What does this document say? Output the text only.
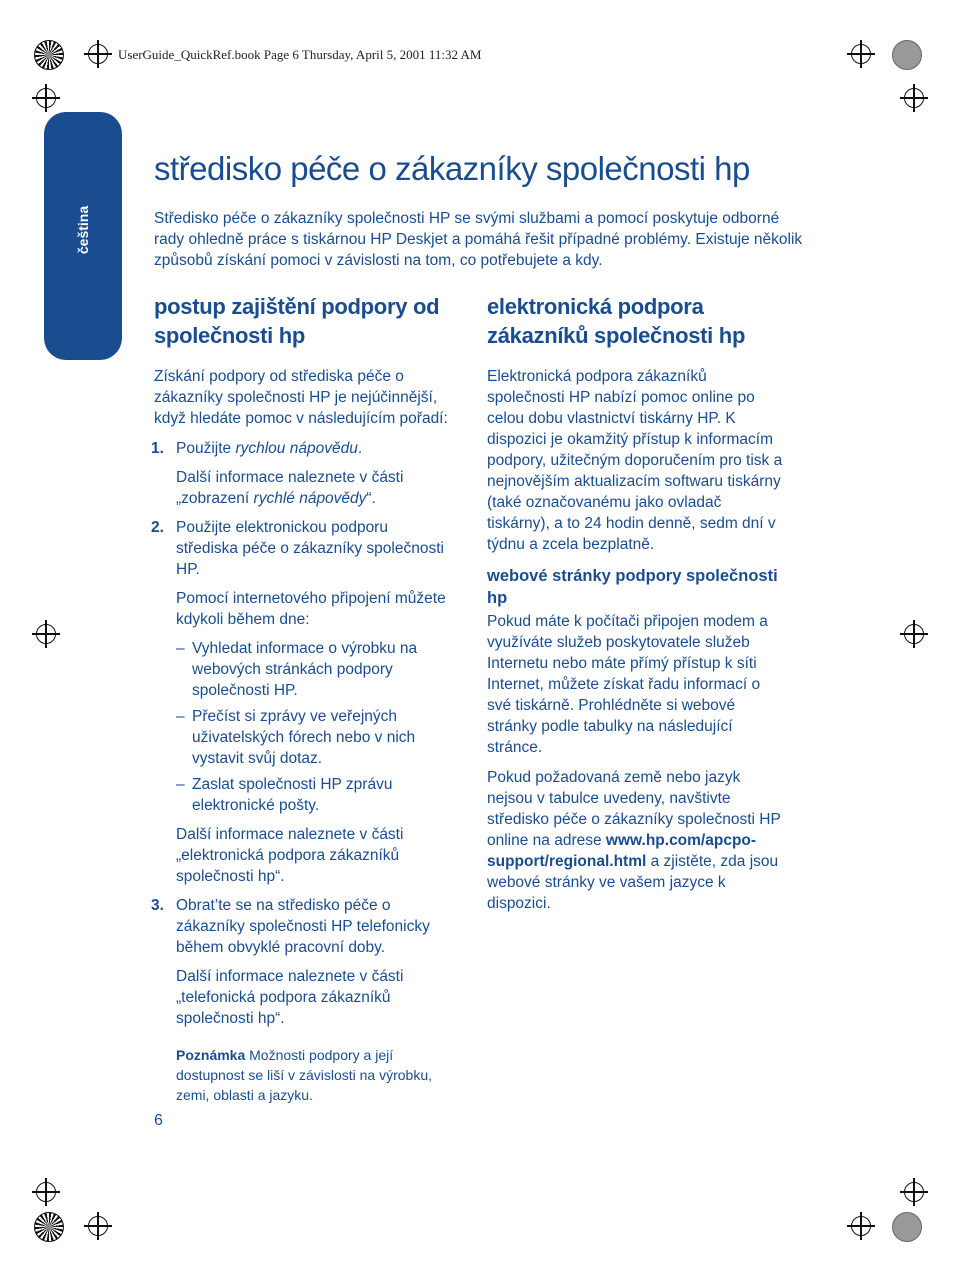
UserGuide_QuickRef.book Page 6 Thursday, April 5, 2001 11:32 AM
čeština
středisko péče o zákazníky společnosti hp

Středisko péče o zákazníky společnosti HP se svými službami a pomocí poskytuje odborné rady ohledně práce s tiskárnou HP Deskjet a pomáhá řešit případné problémy. Existuje několik způsobů získání pomoci v závislosti na tom, co potřebujete a kdy.

postup zajištění podpory od společnosti hp

Získání podpory od střediska péče o zákazníky společnosti HP je nejúčinnější, když hledáte pomoc v následujícím pořadí:

1. Použijte rychlou nápovědu.

Další informace naleznete v části „zobrazení rychlé nápovědy“.

2. Použijte elektronickou podporu střediska péče o zákazníky společnosti HP.

Pomocí internetového připojení můžete kdykoli během dne:

– Vyhledat informace o výrobku na webových stránkách podpory společnosti HP.
– Přečíst si zprávy ve veřejných uživatelských fórech nebo v nich vystavit svůj dotaz.
– Zaslat společnosti HP zprávu elektronické pošty.

Další informace naleznete v části „elektronická podpora zákazníků společnosti hp“.

3. Obrat’te se na středisko péče o zákazníky společnosti HP telefonicky během obvyklé pracovní doby.

Další informace naleznete v části „telefonická podpora zákazníků společnosti hp“.

Poznámka Možnosti podpory a její dostupnost se liší v závislosti na výrobku, zemi, oblasti a jazyku.
elektronická podpora zákazníků společnosti hp

Elektronická podpora zákazníků společnosti HP nabízí pomoc online po celou dobu vlastnictví tiskárny HP. K dispozici je okamžitý přístup k informacím podpory, užitečným doporučením pro tisk a nejnovějším aktualizacím softwaru tiskárny (také označovanému jako ovladač tiskárny), a to 24 hodin denně, sedm dní v týdnu a zcela bezplatně.

webové stránky podpory společnosti hp

Pokud máte k počítači připojen modem a využíváte služeb poskytovatele služeb Internetu nebo máte přímý přístup k síti Internet, můžete získat řadu informací o své tiskárně. Prohlédněte si webové stránky podle tabulky na následující stránce.

Pokud požadovaná země nebo jazyk nejsou v tabulce uvedeny, navštivte středisko péče o zákazníky společnosti HP online na adrese www.hp.com/apcpo-support/regional.html a zjistěte, zda jsou webové stránky ve vašem jazyce k dispozici.

6
